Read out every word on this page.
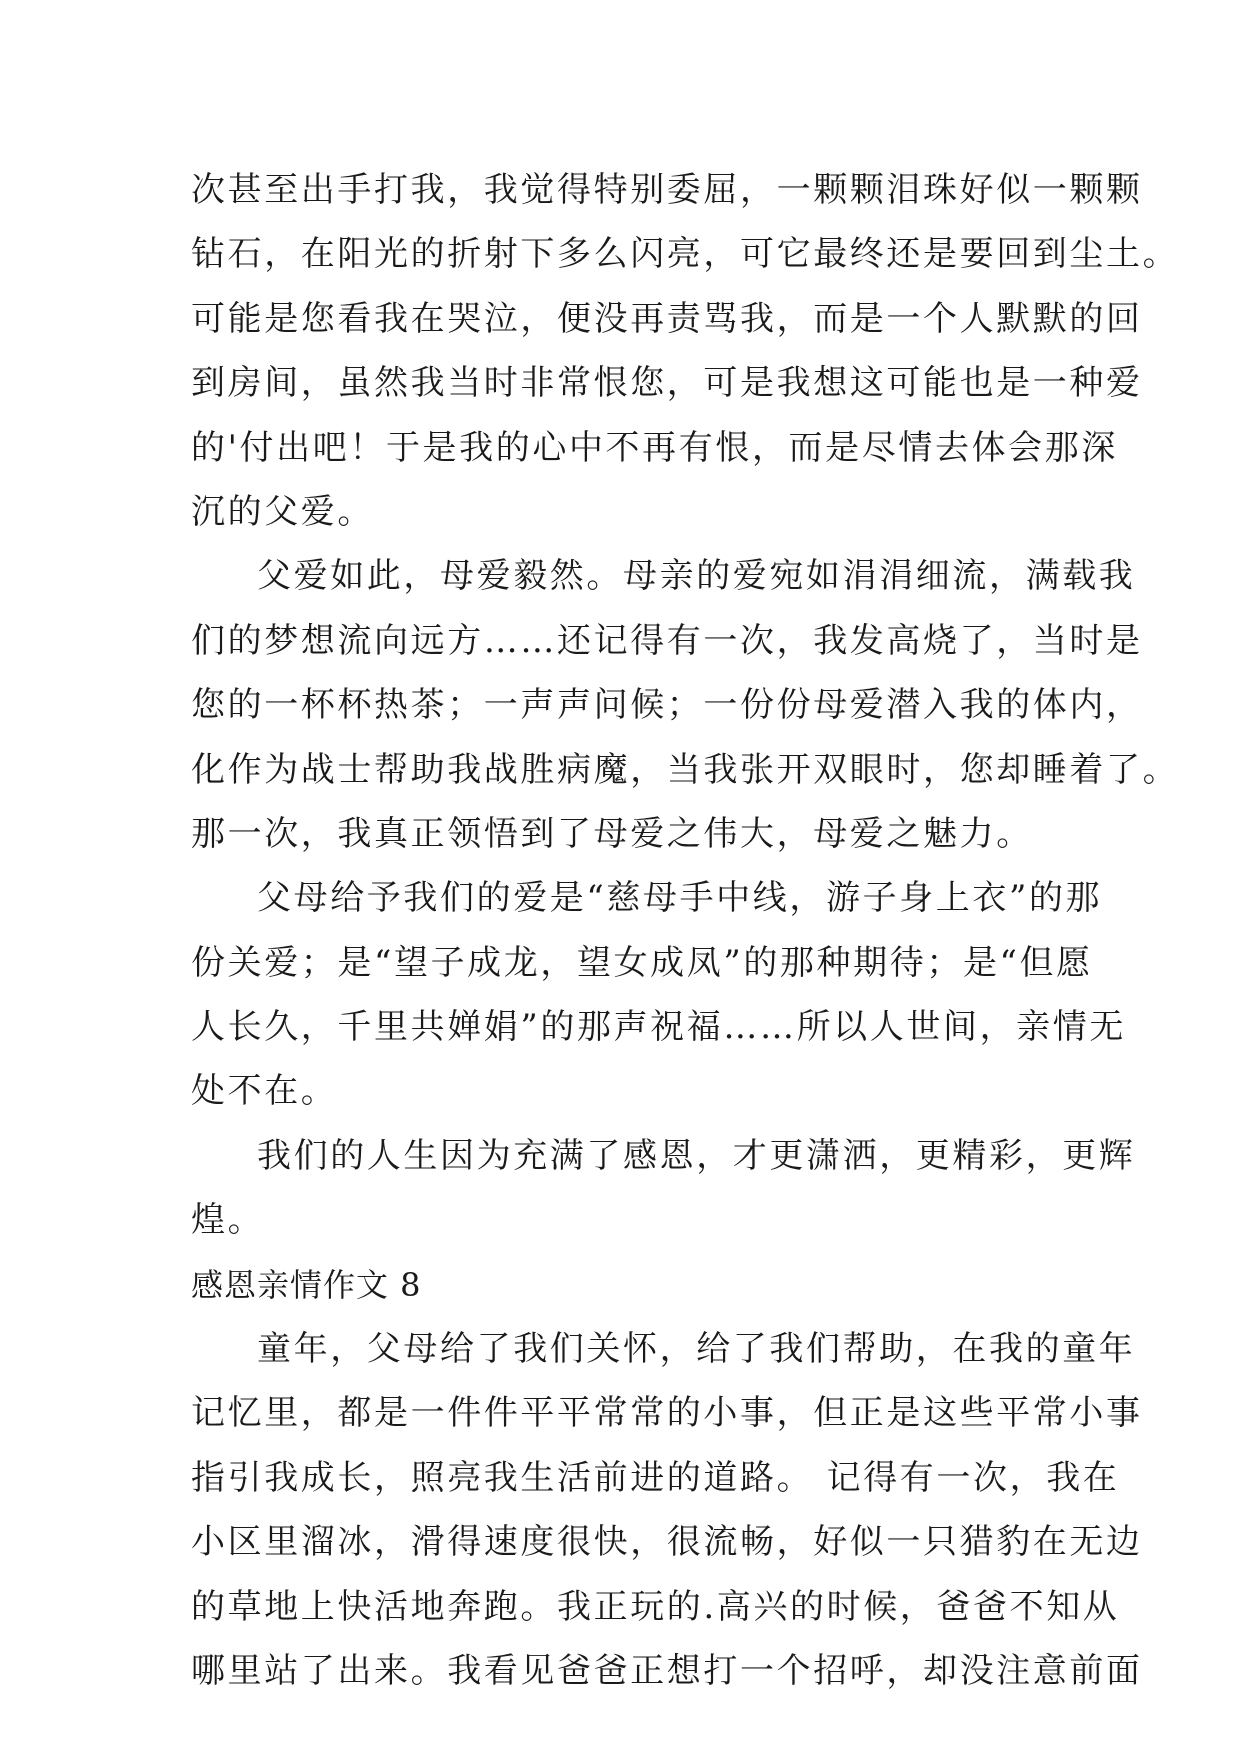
次甚至出手打我，我觉得特别委屈，一颗颗泪珠好似一颗颗
钻石，在阳光的折射下多么闪亮，可它最终还是要回到尘土。
可能是您看我在哭泣，便没再责骂我，而是一个人默默的回
到房间，虽然我当时非常恨您，可是我想这可能也是一种爱
的'付出吧！于是我的心中不再有恨，而是尽情去体会那深
沉的父爱。
父爱如此，母爱毅然。母亲的爱宛如涓涓细流，满载我
们的梦想流向远方……还记得有一次，我发高烧了，当时是
您的一杯杯热茶；一声声问候；一份份母爱潜入我的体内，
化作为战士帮助我战胜病魔，当我张开双眼时，您却睡着了。
那一次，我真正领悟到了母爱之伟大，母爱之魅力。
父母给予我们的爱是“慈母手中线，游子身上衣”的那
份关爱；是“望子成龙，望女成凤”的那种期待；是“但愿
人长久，千里共婵娟”的那声祝福……所以人世间，亲情无
处不在。
我们的人生因为充满了感恩，才更潇洒，更精彩，更辉
煌。
感恩亲情作文 8
童年，父母给了我们关怀，给了我们帮助，在我的童年
记忆里，都是一件件平平常常的小事，但正是这些平常小事
指引我成长，照亮我生活前进的道路。 记得有一次，我在
小区里溜冰，滑得速度很快，很流畅，好似一只猎豹在无边
的草地上快活地奔跑。我正玩的.高兴的时候，爸爸不知从
哪里站了出来。我看见爸爸正想打一个招呼，却没注意前面
